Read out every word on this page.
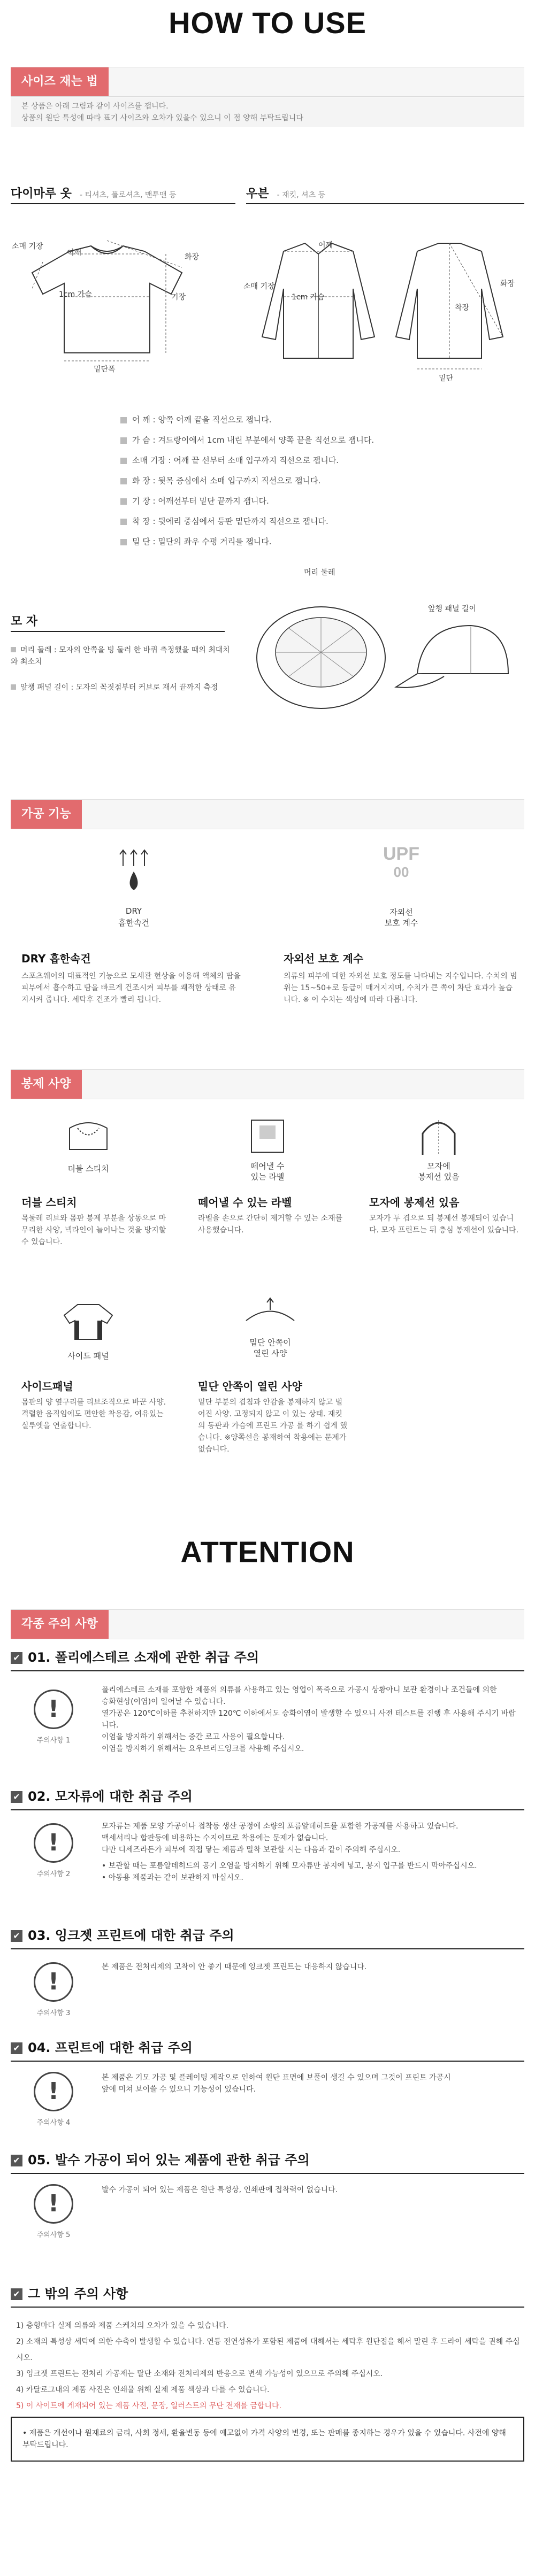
HOW TO USE
사이즈 재는 법
본 상품은 아래 그림과 같이 사이즈를 잽니다.
상품의 원단 특성에 따라 표기 사이즈와 오차가 있을수 있으니 이 점 양해 부탁드립니다
다이마루 옷 - 티셔츠, 폴로셔츠, 맨투맨 등	우븐 - 재킷, 셔츠 등
어깨
소매 기장
1cm 가슴	기장
밑단폭
화장
어깨
1cm 가슴
소매 기장
착장
밑단
화장
어 깨 : 양쪽 어깨 끝을 직선으로 잽니다.
가 슴 : 겨드랑이에서 1cm 내린 부분에서 양쪽 끝을 직선으로 잽니다.
소매 기장 : 어깨 끝 선부터 소매 입구까지 직선으로 잽니다.
화 장 : 뒷목 중심에서 소매 입구까지 직선으로 잽니다.
기 장 : 어깨선부터 밑단 끝까지 잽니다.
착 장 : 뒷에리 중심에서 등판 밑단까지 직선으로 잽니다.
밑 단 : 밑단의 좌우 수평 거리를 잽니다.
모 자
머리 둘레 : 모자의 안쪽을 빙 둘러 한 바퀴 측정했을 때의 최대치와 최소치
앞챙 패널 길이 : 모자의 꼭짓점부터 커브로 재서 끝까지 측정
머리 둘레
앞챙 패널 길이
가공 기능
DRY
흡한속건
UPF
00
자외선
보호 계수
DRY 흡한속건
스포츠웨어의 대표적인 기능으로 모세관 현상을 이용해 액체의 땀을 피부에서 흡수하고 땀을 빠르게 건조시켜 피부를 쾌적한 상태로 유지시켜 줍니다. 세탁후 건조가 빨리 됩니다.
자외선 보호 계수
의류의 피부에 대한 자외선 보호 정도를 나타내는 지수입니다. 수치의 범위는 15~50+로 등급이 매겨지지며, 수치가 큰 쪽이 차단 효과가 높습니다. ※ 이 수치는 색상에 따라 다릅니다.
봉제 사양
더블 스티치	떼어낼 수
있는 라벨
모자에
봉제선 있음
더블 스티치
목둘레 리브와 몸판 봉제 부분을 상동으로 마무리한 사양, 넥라인이 늘어나는 것을 방지할 수 있습니다.
떼어낼 수 있는 라벨
라벨을 손으로 간단히 제거할 수 있는 소재를 사용했습니다.
모자에 봉제선 있음
모자가 두 겹으로 되 봉제선 봉재되어 있습니다. 모자 프린트는 뒤 층심 봉재선이 있습니다.
사이드 패널
밑단 안쪽이
열린 사양
사이드패널
몸판의 양 옆구리를 리브조직으로 바꾼 사양. 격렬한 움직임에도 편안한 착용감, 여유있는 실루엣을 연출합니다.
밑단 안쪽이 열린 사양
밑단 부분의 겹침과 안감을 봉제하지 않고 벌어진 사양. 고정되지 않고 이 있는 상태. 재킷의 동판과 가슴에 프린트 가공 를 하기 쉽게 했습니다. ※양쪽선을 봉재하여 착용에는 문제가 없습니다.
ATTENTION
각종 주의 사항
✔ 01. 폴리에스테르 소재에 관한 취급 주의
!
주의사항 1
폴리에스테르 소재를 포함한 제품의 의류를 사용하고 있는 영업이 폭죽으로 가공시 상황아니 보관 환경이나 조건들에 의한
승화현상(이염)이 일어날 수 있습니다.
열가공은 120℃이하를 추천하지만 120℃ 이하에서도 승화이염이 발생할 수 있으니 사전 테스트를 진행 후 사용해 주시기 바랍니다.
이염을 방지하기 위해서는 중간 로고 사용이 필요합니다.
이염을 방지하기 위해서는 요우브리드잉크를 사용해 주십시오.
✔ 02. 모자류에 대한 취급 주의
!
주의사항 2
모자류는 제품 모양 가공이나 접착등 생산 공정에 소량의 포름알데히드를 포함한 가공제를 사용하고 있습니다.
맥세서리나 합판등에 비용하는 수지이므로 착용에는 문제가 없습니다.
다만 디세즈라든가 피부에 직접 닿는 제품과 밀착 보관할 시는 다음과 같이 주의해 주십시오.
• 보관할 때는 포름알데히드의 공기 오염을 방지하기 위해 모자류만 봉지에 넣고, 봉지 입구를 반드시 막아주십시오.
• 아동용 제품과는 같이 보관하지 마십시오.
✔ 03. 잉크젯 프린트에 대한 취급 주의
!
주의사항 3
본 제품은 전처리제의 고착이 안 좋기 때문에 잉크젯 프린트는 대응하지 않습니다.
✔ 04. 프린트에 대한 취급 주의
!
주의사항 4
본 제품은 기모 가공 및 플레이팅 제작으로 인하여 원단 표면에 보풀이 생길 수 있으며 그것이 프린트 가공시
앞에 미쳐 보이쓸 수 있으니 기능성이 있습니다.
✔ 05. 발수 가공이 되어 있는 제품에 관한 취급 주의
!
주의사항 5
발수 가공이 되어 있는 제품은 원단 특성상, 인쇄판에 접착력이 없습니다.
✔ 그 밖의 주의 사항
1) 층형마다 실제 의류와 제품 스케치의 오차가 있을 수 있습니다.
2) 소재의 특성상 세탁에 의한 수축이 발생할 수 있습니다. 연등 전연성유가 포함된 제품에 대해서는 세탁후 원단접을 해서 말린 후 드라이 세탁을 권해 주십시오.
3) 잉크젯 프린트는 전처리 가공제는 탈단 소재와 전처리제의 반응으로 변색 가능성이 있으므로 주의해 주십시오.
4) 카달로그내의 제품 사진은 인쇄물 위해 실제 제품 색상과 다를 수 있습니다.
5) 이 사이트에 게재되어 있는 제품 사진, 문장, 일러스트의 무단 전재를 금합니다.
• 제품은 개선이나 원재료의 금리, 사회 정세, 환율변동 등에 예고없이 가격 사양의 변경, 또는 판매를 종지하는 경우가 있을 수 있습니다. 사전에 양해 부탁드립니다.
